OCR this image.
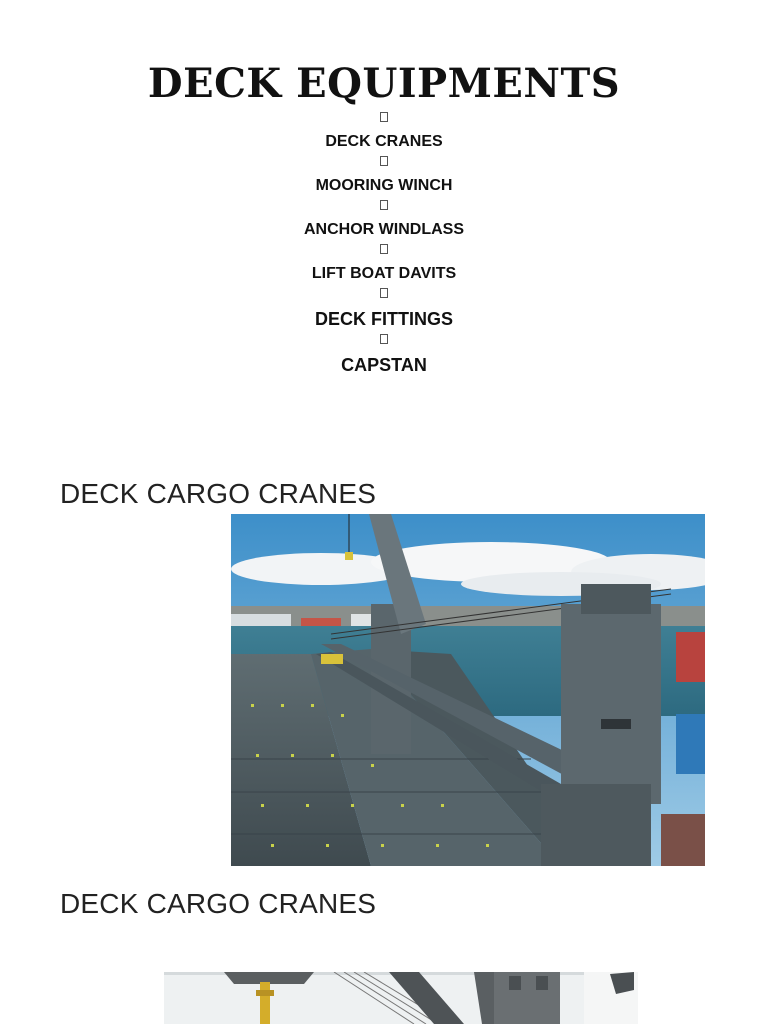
DECK EQUIPMENTS
DECK CRANES
MOORING WINCH
ANCHOR WINDLASS
LIFT BOAT DAVITS
DECK FITTINGS
CAPSTAN
DECK CARGO CRANES
DECK CARGO CRANES
